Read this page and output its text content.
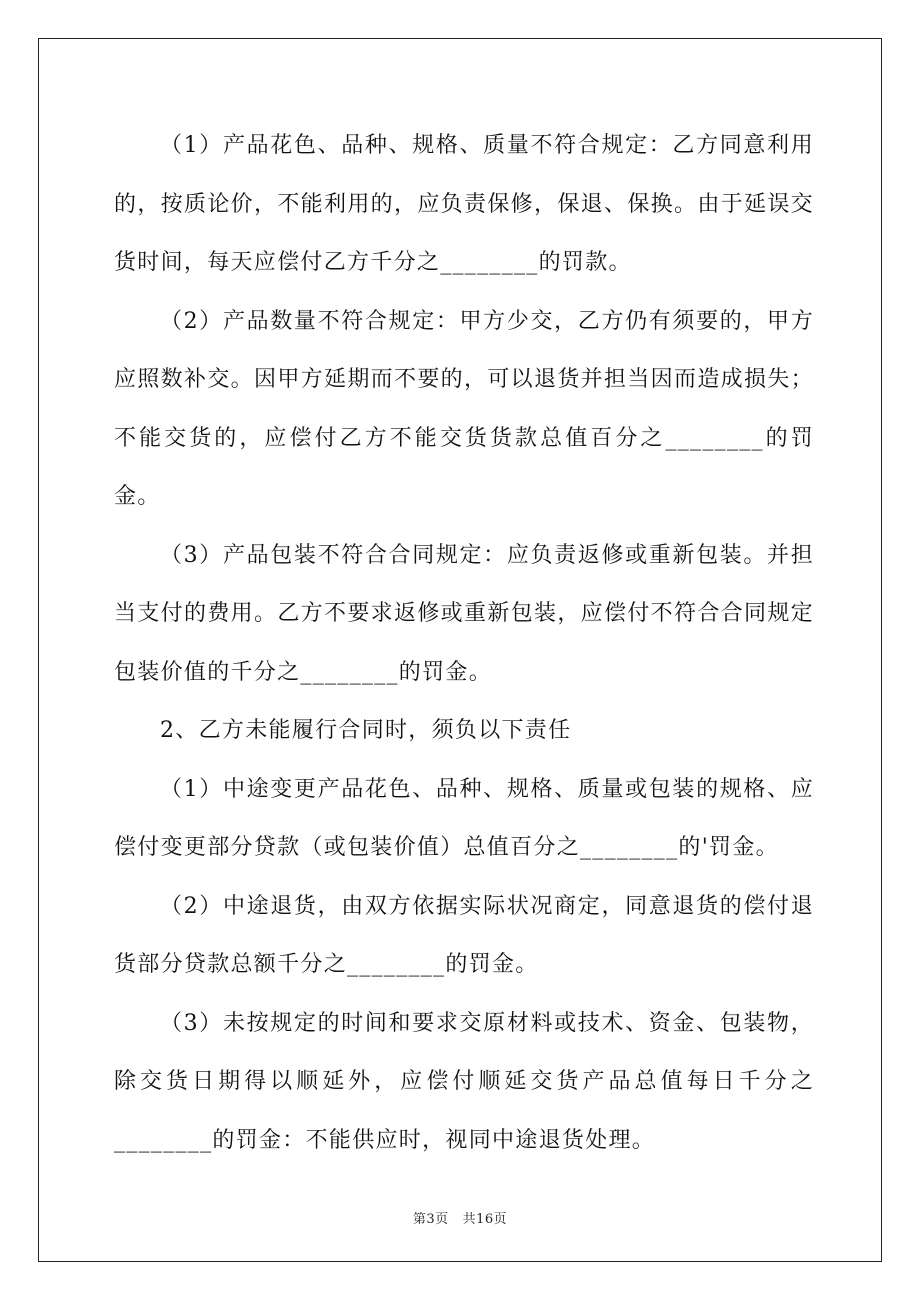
（1）产品花色、品种、规格、质量不符合规定：乙方同意利用的，按质论价，不能利用的，应负责保修，保退、保换。由于延误交货时间，每天应偿付乙方千分之________的罚款。

（2）产品数量不符合规定：甲方少交，乙方仍有须要的，甲方应照数补交。因甲方延期而不要的，可以退货并担当因而造成损失；不能交货的，应偿付乙方不能交货货款总值百分之________的罚金。

（3）产品包装不符合合同规定：应负责返修或重新包装。并担当支付的费用。乙方不要求返修或重新包装，应偿付不符合合同规定包装价值的千分之________的罚金。

2、乙方未能履行合同时，须负以下责任

（1）中途变更产品花色、品种、规格、质量或包装的规格、应偿付变更部分贷款（或包装价值）总值百分之________的'罚金。

（2）中途退货，由双方依据实际状况商定，同意退货的偿付退货部分贷款总额千分之________的罚金。

（3）未按规定的时间和要求交原材料或技术、资金、包装物，除交货日期得以顺延外，应偿付顺延交货产品总值每日千分之________的罚金：不能供应时，视同中途退货处理。

第3页 共16页
